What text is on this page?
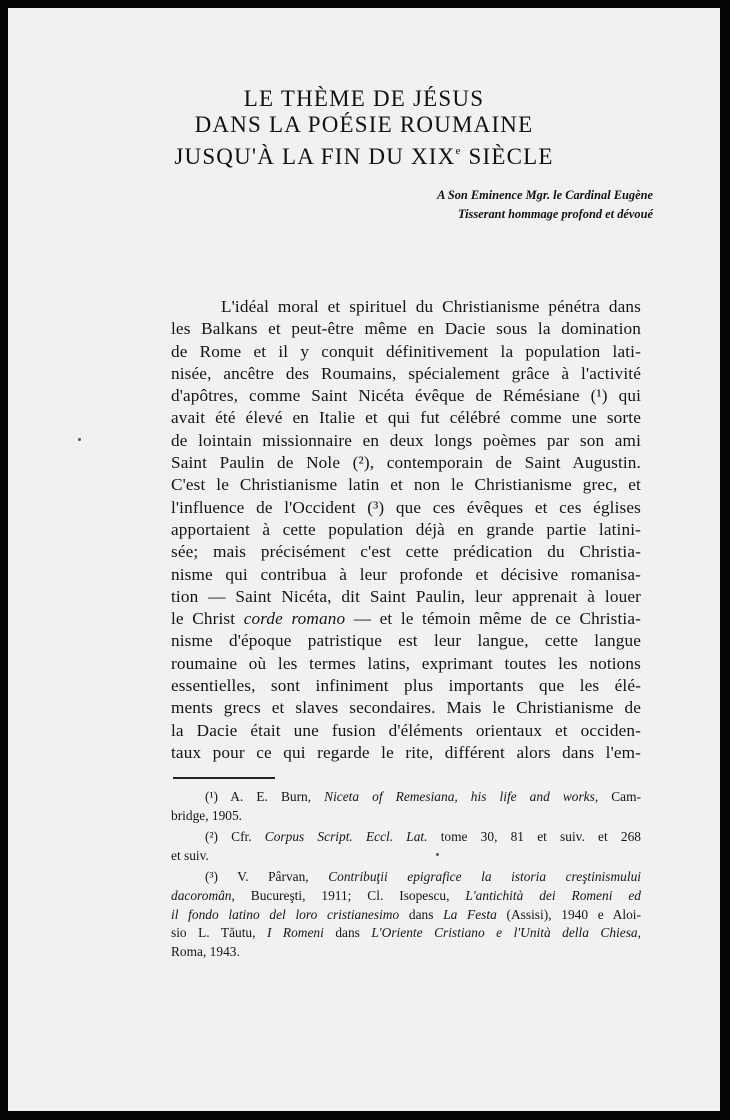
LE THÈME DE JÉSUS
DANS LA POÉSIE ROUMAINE
JUSQU'À LA FIN DU XIXe SIÈCLE
A Son Eminence Mgr. le Cardinal Eugène
Tisserant hommage profond et dévoué
L'idéal moral et spirituel du Christianisme pénétra dans
les Balkans et peut-être même en Dacie sous la domination
de Rome et il y conquit définitivement la population lati-
nisée, ancêtre des Roumains, spécialement grâce à l'activité
d'apôtres, comme Saint Nicéta évêque de Rémésiane (¹) qui
avait été élevé en Italie et qui fut célébré comme une sorte
de lointain missionnaire en deux longs poèmes par son ami
Saint Paulin de Nole (²), contemporain de Saint Augustin.
C'est le Christianisme latin et non le Christianisme grec, et
l'influence de l'Occident (³) que ces évêques et ces églises
apportaient à cette population déjà en grande partie latini-
sée; mais précisément c'est cette prédication du Christia-
nisme qui contribua à leur profonde et décisive romanisa-
tion — Saint Nicéta, dit Saint Paulin, leur apprenait à louer
le Christ corde romano — et le témoin même de ce Christia-
nisme d'époque patristique est leur langue, cette langue
roumaine où les termes latins, exprimant toutes les notions
essentielles, sont infiniment plus importants que les élé-
ments grecs et slaves secondaires. Mais le Christianisme de
la Dacie était une fusion d'éléments orientaux et occiden-
taux pour ce qui regarde le rite, différent alors dans l'em-
(¹) A. E. Burn, Niceta of Remesiana, his life and works, Cam-
bridge, 1905.
(²) Cfr. Corpus Script. Eccl. Lat. tome 30, 81 et suiv. et 268
et suiv.
(³) V. Pârvan, Contribuţii epigrafice la istoria creştinismului
dacoromân, Bucureşti, 1911; Cl. Isopescu, L'antichità dei Romeni ed
il fondo latino del loro cristianesimo dans La Festa (Assisi), 1940 e Aloi-
sio L. Tăutu, I Romeni dans L'Oriente Cristiano e l'Unità della Chiesa,
Roma, 1943.
